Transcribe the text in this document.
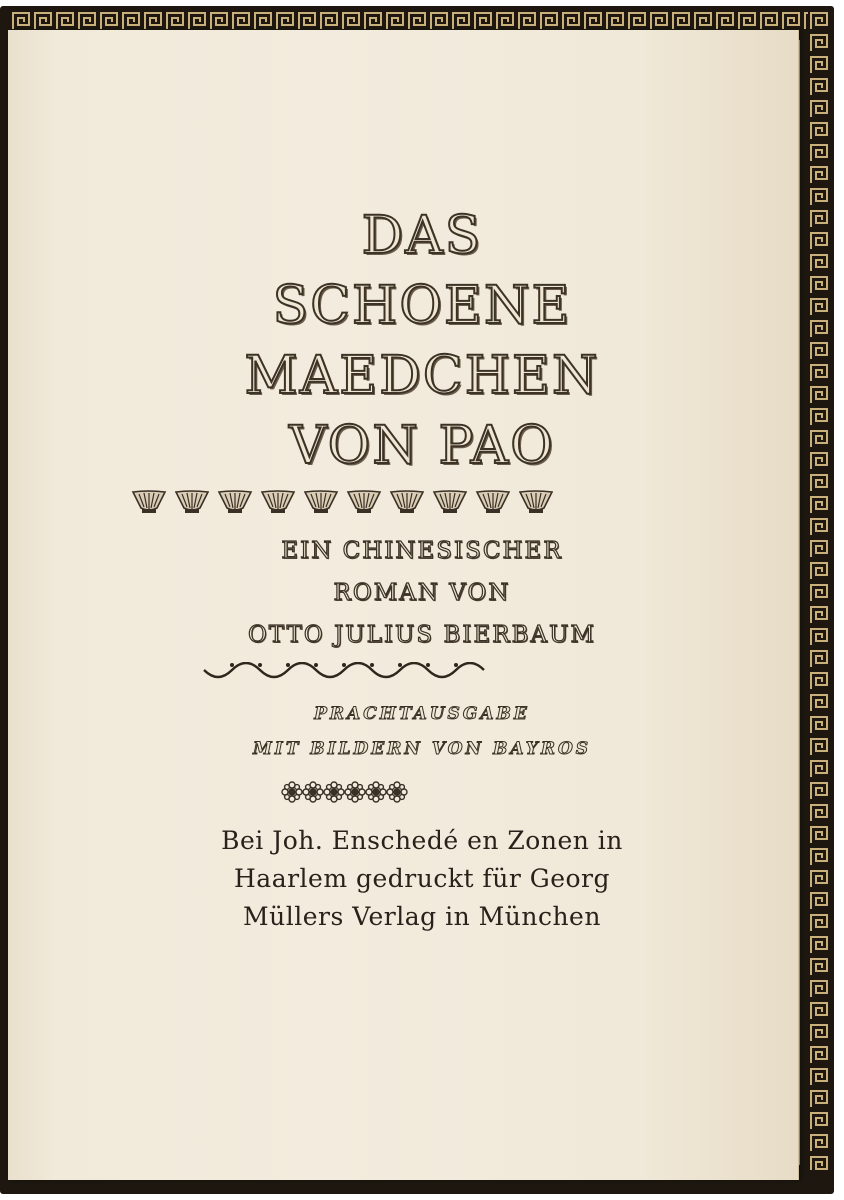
DAS
SCHOENE
MAEDCHEN
VON PAO
EIN CHINESISCHER
ROMAN VON
OTTO JULIUS BIERBAUM
PRACHTAUSGABE
MIT BILDERN VON BAYROS
Bei Joh. Enschedé en Zonen in
Haarlem gedruckt für Georg
Müllers Verlag in München
